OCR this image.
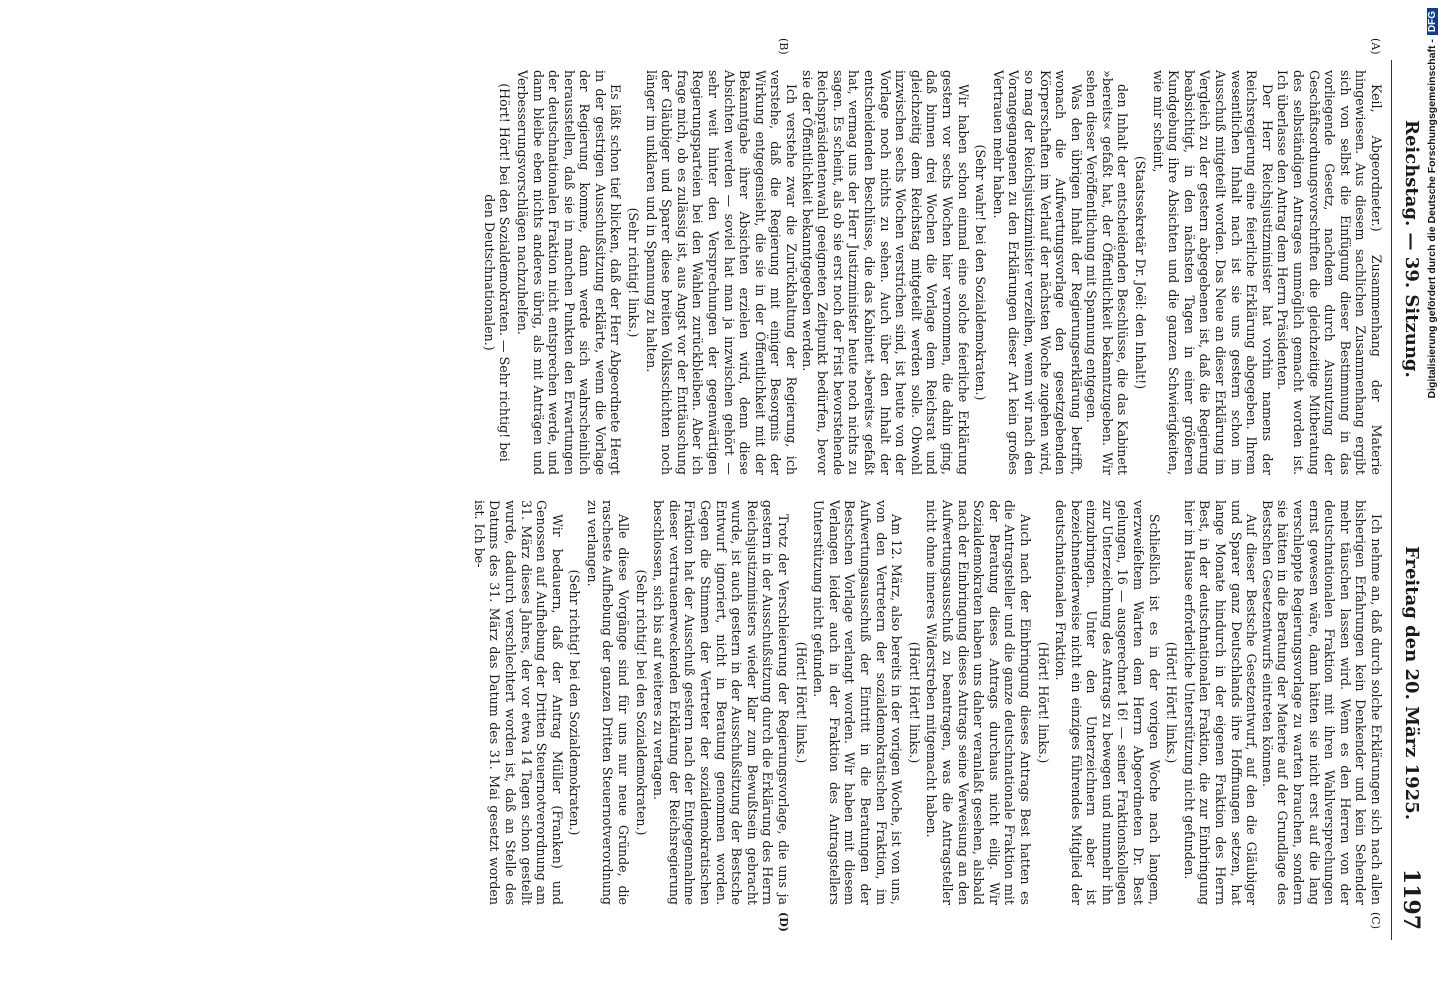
Reichstag. — 39. Sitzung.
Freitag den 20. März 1925.
1197
(A)
(B)
(C)
(D)

Keil, Abgeordneter.) Zusammenhang der Materie hingewiesen. Aus diesem sachlichen Zusammenhang ergibt sich von selbst die Einfügung dieser Bestimmung in das vorliegende Gesetz, nachdem durch Ausnutzung der Geschäftsordnungsvorschriften die gleichzeitige Mitberatung des selbständigen Antrages unmöglich gemacht worden ist. Ich überlasse den Antrag dem Herrn Präsidenten.

Der Herr Reichsjustizminister hat vorhin namens der Reichsregierung eine feierliche Erklärung abgegeben. Ihrem wesentlichen Inhalt nach ist sie uns gestern schon im Ausschuß mitgeteilt worden. Das Neue an dieser Erklärung im Vergleich zu der gestern abgegebenen ist, daß die Regierung beabsichtigt, in den nächsten Tagen in einer größeren Kundgebung ihre Absichten und die ganzen Schwierigkeiten, wie mir scheint,

(Staatssekretär Dr. Joël: den Inhalt!)

den Inhalt der entscheidenden Beschlüsse, die das Kabinett »bereits« gefaßt hat, der Öffentlichkeit bekanntzugeben. Wir sehen dieser Veröffentlichung mit Spannung entgegen.

Was den übrigen Inhalt der Regierungserklärung betrifft, wonach die Aufwertungsvorlage den gesetzgebenden Körperschaften im Verlauf der nächsten Woche zugehen wird, so mag der Reichsjustizminister verzeihen, wenn wir nach den Vorangegangenen zu den Erklärungen dieser Art kein großes Vertrauen mehr haben.

(Sehr wahr! bei den Sozialdemokraten.)

Wir haben schon einmal eine solche feierliche Erklärung gestern vor sechs Wochen hier vernommen, die dahin ging, daß binnen drei Wochen die Vorlage dem Reichsrat und gleichzeitig dem Reichstag mitgeteilt werden solle. Obwohl inzwischen sechs Wochen verstrichen sind, ist heute von der Vorlage noch nichts zu sehen. Auch über den Inhalt der entscheidenden Beschlüsse, die das Kabinett »bereits« gefaßt hat, vermag uns der Herr Justizminister heute noch nichts zu sagen. Es scheint, als ob sie erst noch der Frist bevorstehende Reichspräsidentenwahl geeigneten Zeitpunkt bedürfen, bevor sie der Öffentlichkeit bekanntgegeben werden.

Ich verstehe zwar die Zurückhaltung der Regierung, ich verstehe, daß die Regierung mit einiger Besorgnis der Wirkung entgegensieht, die sie in der Öffentlichkeit mit der Bekanntgabe ihrer Absichten erzielen wird, denn diese Absichten werden — soviel hat man ja inzwischen gehört — sehr weit hinter den Versprechungen der gegenwärtigen Regierungsparteien bei den Wahlen zurückbleiben. Aber ich frage mich, ob es zulässig ist, aus Angst vor der Enttäuschung der Gläubiger und Sparer diese breiten Volksschichten noch länger im unklaren und in Spannung zu halten.

(Sehr richtig! links.)

Es läßt schon tief blicken, daß der Herr Abgeordnete Hergt in der gestrigen Ausschußsitzung erklärte, wenn die Vorlage der Regierung komme, dann werde sich wahrscheinlich herausstellen, daß sie in manchen Punkten den Erwartungen der deutschnationalen Fraktion nicht entsprechen werde, und dann bleibe eben nichts anderes übrig, als mit Anträgen und Verbesserungsvorschlägen nachzuhelfen.

(Hört! Hört! bei den Sozialdemokraten. — Sehr richtig! bei den Deutschnationalen.)

Ich nehme an, daß durch solche Erklärungen sich nach allen bisherigen Erfahrungen kein Denkender und kein Sehender mehr täuschen lassen wird. Wenn es den Herren von der deutschnationalen Fraktion mit ihren Wahlversprechungen ernst gewesen wäre, dann hätten sie nicht erst auf die lang verschleppte Regierungsvorlage zu warten brauchen, sondern sie hätten in die Beratung der Materie auf der Grundlage des Bestschen Gesetzentwurfs eintreten können.

Auf dieser Bestsche Gesetzentwurf, auf den die Gläubiger und Sparer ganz Deutschlands ihre Hoffnungen setzen, hat lange Monate hindurch in der eigenen Fraktion des Herrn Best, in der deutschnationalen Fraktion, die zur Einbringung hier im Hause erforderliche Unterstützung nicht gefunden.

(Hört! Hört! links.)

Schließlich ist es in der vorigen Woche nach langem, verzweifeltem Warten dem Herrn Abgeordneten Dr. Best gelungen, 16 — ausgerechnet 16! — seiner Fraktionskollegen zur Unterzeichnung des Antrags zu bewegen und nunmehr ihn einzubringen. Unter den Unterzeichnern aber ist bezeichnenderweise nicht ein einziges führendes Mitglied der deutschnationalen Fraktion.

(Hört! Hört! links.)

Auch nach der Einbringung dieses Antrags Best hatten es die Antragsteller und die ganze deutschnationale Fraktion mit der Beratung dieses Antrags durchaus nicht eilig. Wir Sozialdemokraten haben uns daher veranlaßt gesehen, alsbald nach der Einbringung dieses Antrags seine Verweisung an den Aufwertungsausschuß zu beantragen, was die Antragsteller nicht ohne inneres Widerstreben mitgemacht haben.

(Hört! Hört! links.)

Am 12. März, also bereits in der vorigen Woche, ist von uns, von den Vertretern der sozialdemokratischen Fraktion, im Aufwertungsausschuß der Eintritt in die Beratungen der Bestschen Vorlage verlangt worden. Wir haben mit diesem Verlangen leider auch in der Fraktion des Antragstellers Unterstützung nicht gefunden.

(Hört! Hört! links.)

Trotz der Verschleierung der Regierungsvorlage, die uns ja gestern in der Ausschußsitzung durch die Erklärung des Herrn Reichsjustizministers wieder klar zum Bewußtsein gebracht wurde, ist auch gestern in der Ausschußsitzung der Bestsche Entwurf ignoriert, nicht in Beratung genommen worden. Gegen die Stimmen der Vertreter der sozialdemokratischen Fraktion hat der Ausschuß gestern nach der Entgegennahme dieser vertrauenerweckenden Erklärung der Reichsregierung beschlossen, sich bis auf weiteres zu vertagen.

(Sehr richtig! bei den Sozialdemokraten.)

Alle diese Vorgänge sind für uns nur neue Gründe, die rascheste Aufhebung der ganzen Dritten Steuernotverordnung zu verlangen.

(Sehr richtig! bei den Sozialdemokraten.)

Wir bedauern, daß der Antrag Müller (Franken) und Genossen auf Aufhebung der Dritten Steuernotverordnung am 31. März dieses Jahres, der vor etwa 14 Tagen schon gestellt wurde, dadurch verschlechtert worden ist, daß an Stelle des Datums des 31. März das Datum des 31. Mai gesetzt worden ist. Ich be-

Digitalisierung gefördert durch die Deutsche Forschungsgemeinschaft -DFG
